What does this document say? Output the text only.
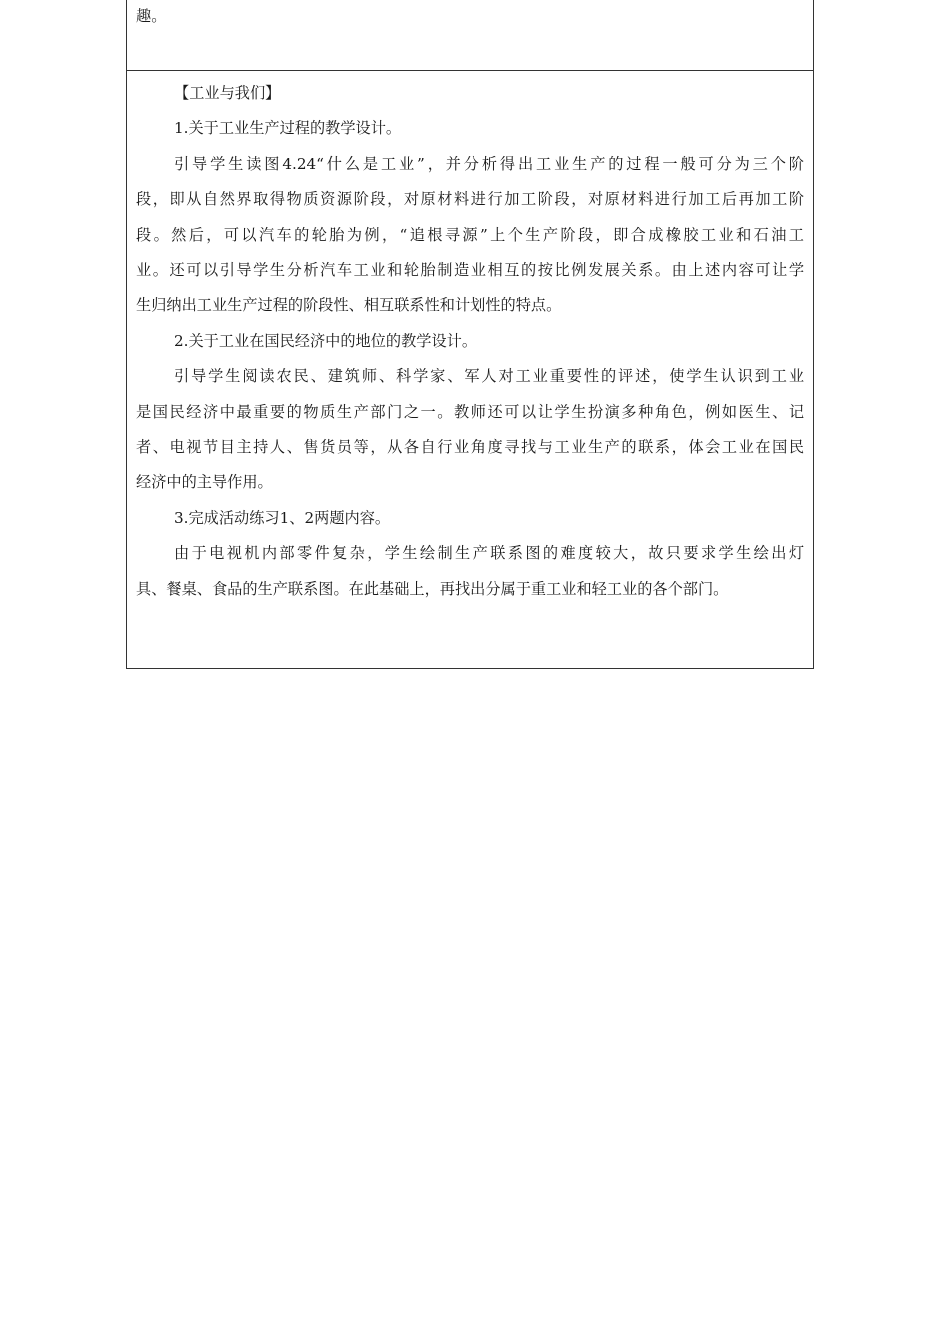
趣。

【工业与我们】

1.关于工业生产过程的教学设计。

引导学生读图4.24“什么是工业”，并分析得出工业生产的过程一般可分为三个阶

段，即从自然界取得物质资源阶段，对原材料进行加工阶段，对原材料进行加工后再加工阶

段。然后，可以汽车的轮胎为例，“追根寻源”上个生产阶段，即合成橡胶工业和石油工

业。还可以引导学生分析汽车工业和轮胎制造业相互的按比例发展关系。由上述内容可让学

生归纳出工业生产过程的阶段性、相互联系性和计划性的特点。

2.关于工业在国民经济中的地位的教学设计。

引导学生阅读农民、建筑师、科学家、军人对工业重要性的评述，使学生认识到工业

是国民经济中最重要的物质生产部门之一。教师还可以让学生扮演多种角色，例如医生、记

者、电视节目主持人、售货员等，从各自行业角度寻找与工业生产的联系，体会工业在国民

经济中的主导作用。

3.完成活动练习1、2两题内容。

由于电视机内部零件复杂，学生绘制生产联系图的难度较大，故只要求学生绘出灯

具、餐桌、食品的生产联系图。在此基础上，再找出分属于重工业和轻工业的各个部门。
